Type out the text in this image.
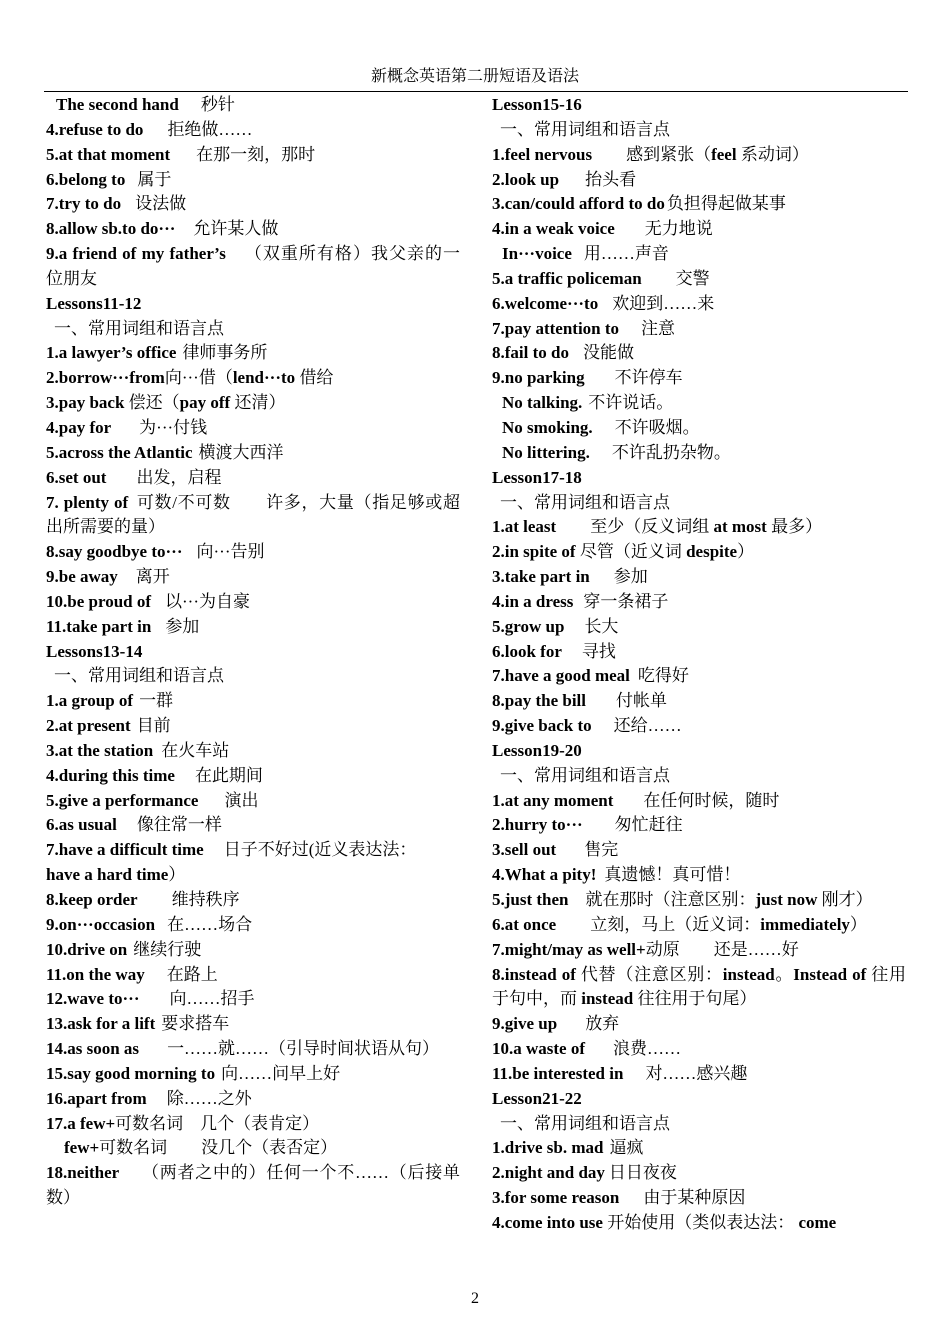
新概念英语第二册短语及语法
The second hand 秒针
4.refuse to do 拒绝做……
5.at that moment 在那一刻，那时
6.belong to 属于
7.try to do 设法做
8.allow sb.to do··· 允许某人做
9.a friend of my father’s （双重所有格）我父亲的一位朋友
Lessons11-12
一、常用词组和语言点
1.a lawyer’s office 律师事务所
2.borrow···from向···借（lend···to 借给
3.pay back 偿还（pay off 还清）
4.pay for 为···付钱
5.across the Atlantic 横渡大西洋
6.set out 出发，启程
7. plenty of 可数/不可数　　许多，大量（指足够或超出所需要的量）
8.say goodbye to··· 向···告别
9.be away 离开
10.be proud of 以···为自豪
11.take part in 参加
Lessons13-14
一、常用词组和语言点
1.a group of 一群
2.at present 目前
3.at the station 在火车站
4.during this time 在此期间
5.give a performance 演出
6.as usual 像往常一样
7.have a difficult time 日子不好过(近义表达法：
have a hard time）
8.keep order 维持秩序
9.on···occasion 在……场合
10.drive on 继续行驶
11.on the way 在路上
12.wave to··· 向……招手
13.ask for a lift 要求搭车
14.as soon as 一……就……（引导时间状语从句）
15.say good morning to 向……问早上好
16.apart from 除……之外
17.a few+可数名词　几个（表肯定）
few+可数名词　　没几个（表否定）
18.neither （两者之中的）任何一个不……（后接单数）
Lesson15-16
一、常用词组和语言点
1.feel nervous　　感到紧张（feel 系动词）
2.look up 抬头看
3.can/could afford to do 负担得起做某事
4.in a weak voice 无力地说
In···voice 用……声音
5.a traffic policeman 交警
6.welcome···to 欢迎到……来
7.pay attention to 注意
8.fail to do 没能做
9.no parking 不许停车
No talking. 不许说话。
No smoking. 不许吸烟。
No littering. 不许乱扔杂物。
Lesson17-18
一、常用词组和语言点
1.at least　　至少（反义词组 at most 最多）
2.in spite of 尽管（近义词 despite）
3.take part in 参加
4.in a dress 穿一条裙子
5.grow up 长大
6.look for 寻找
7.have a good meal 吃得好
8.pay the bill 付帐单
9.give back to 还给……
Lesson19-20
一、常用词组和语言点
1.at any moment 在任何时候，随时
2.hurry to··· 匆忙赶往
3.sell out 售完
4.What a pity! 真遗憾！真可惜！
5.just then　就在那时（注意区别：just now 刚才）
6.at once　　立刻，马上（近义词：immediately）
7.might/may as well+动原　　还是……好
8.instead of 代替（注意区别：instead。Instead of 往用于句中，而 instead 往往用于句尾）
9.give up 放弃
10.a waste of 浪费……
11.be interested in 对……感兴趣
Lesson21-22
一、常用词组和语言点
1.drive sb. mad 逼疯
2.night and day 日日夜夜
3.for some reason 由于某种原因
4.come into use 开始使用（类似表达法： come
2
